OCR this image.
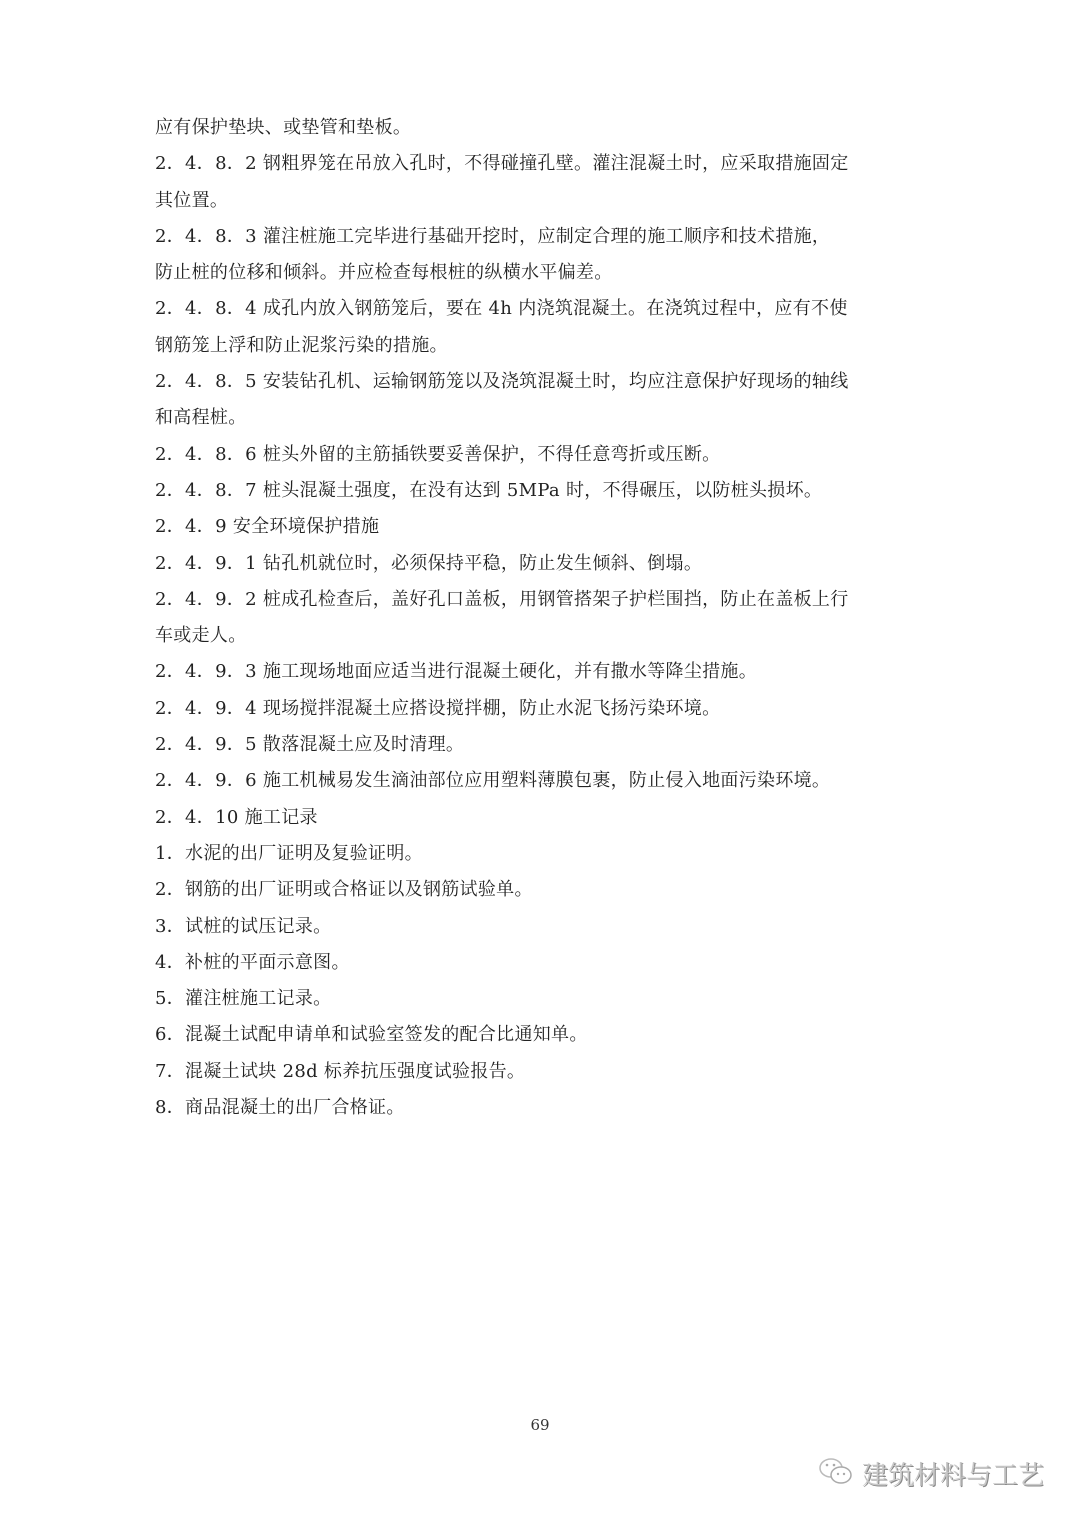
应有保护垫块、或垫管和垫板。
2．4．8．2 钢粗界笼在吊放入孔时，不得碰撞孔壁。灌注混凝土时，应采取措施固定
其位置。
2．4．8．3 灌注桩施工完毕进行基础开挖时，应制定合理的施工顺序和技术措施，
防止桩的位移和倾斜。并应检查每根桩的纵横水平偏差。
2．4．8．4 成孔内放入钢筋笼后，要在 4h 内浇筑混凝土。在浇筑过程中，应有不使
钢筋笼上浮和防止泥浆污染的措施。
2．4．8．5 安装钻孔机、运输钢筋笼以及浇筑混凝土时，均应注意保护好现场的轴线
和高程桩。
2．4．8．6 桩头外留的主筋插铁要妥善保护，不得任意弯折或压断。
2．4．8．7 桩头混凝土强度，在没有达到 5MPa 时，不得碾压，以防桩头损坏。
2．4．9 安全环境保护措施
2．4．9．1 钻孔机就位时，必须保持平稳，防止发生倾斜、倒塌。
2．4．9．2 桩成孔检查后，盖好孔口盖板，用钢管搭架子护栏围挡，防止在盖板上行
车或走人。
2．4．9．3 施工现场地面应适当进行混凝土硬化，并有撒水等降尘措施。
2．4．9．4 现场搅拌混凝土应搭设搅拌棚，防止水泥飞扬污染环境。
2．4．9．5 散落混凝土应及时清理。
2．4．9．6 施工机械易发生滴油部位应用塑料薄膜包裹，防止侵入地面污染环境。
2．4．10 施工记录
1．水泥的出厂证明及复验证明。
2．钢筋的出厂证明或合格证以及钢筋试验单。
3．试桩的试压记录。
4．补桩的平面示意图。
5．灌注桩施工记录。
6．混凝土试配申请单和试验室签发的配合比通知单。
7．混凝土试块 28d 标养抗压强度试验报告。
8．商品混凝土的出厂合格证。
69
建筑材料与工艺
